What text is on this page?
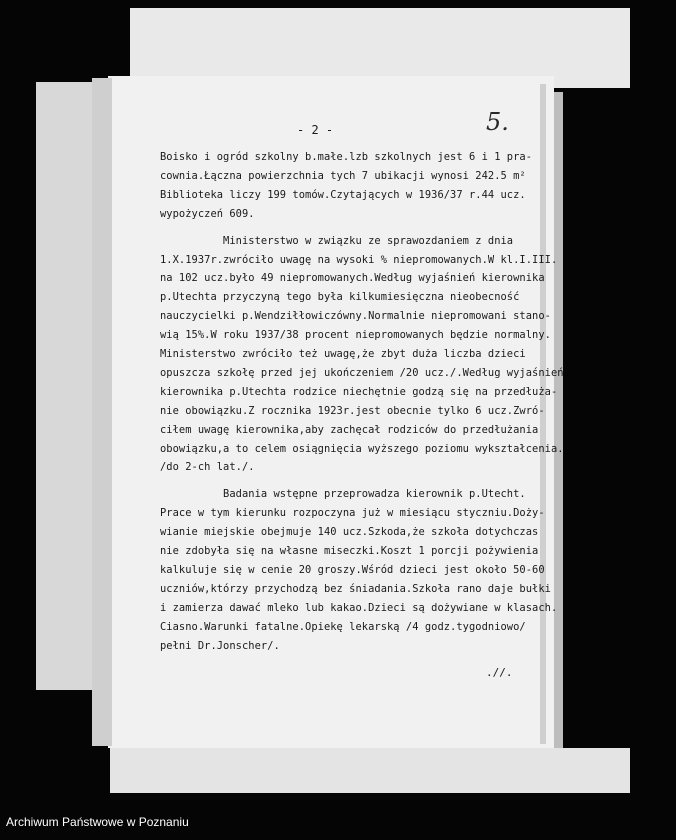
- 2 -	5.
Boisko i ogród szkolny b.małe.lzb szkolnych jest 6 i 1 pra-
cownia.Łączna powierzchnia tych 7 ubikacji wynosi 242.5 m²
Biblioteka liczy 199 tomów.Czytających w 1936/37 r.44 ucz.
wypożyczeń 609.
Ministerstwo w związku ze sprawozdaniem z dnia
1.X.1937r.zwróciło uwagę na wysoki % niepromowanych.W kl.I.III.
na 102 ucz.było 49 niepromowanych.Według wyjaśnień kierownika
p.Utechta przyczyną tego była kilkumiesięczna nieobecność
nauczycielki p.Wendziłłowiczówny.Normalnie niepromowani stano-
wią 15%.W roku 1937/38 procent niepromowanych będzie normalny.
Ministerstwo zwróciło też uwagę,że zbyt duża liczba dzieci
opuszcza szkołę przed jej ukończeniem /20 ucz./.Według wyjaśnień
kierownika p.Utechta rodzice niechętnie godzą się na przedłuża-
nie obowiązku.Z rocznika 1923r.jest obecnie tylko 6 ucz.Zwró-
ciłem uwagę kierownika,aby zachęcał rodziców do przedłużania
obowiązku,a to celem osiągnięcia wyższego poziomu wykształcenia.
/do 2-ch lat./.
Badania wstępne przeprowadza kierownik p.Utecht.
Prace w tym kierunku rozpoczyna już w miesiącu styczniu.Doży-
wianie miejskie obejmuje 140 ucz.Szkoda,że szkoła dotychczas
nie zdobyła się na własne miseczki.Koszt 1 porcji pożywienia
kalkuluje się w cenie 20 groszy.Wśród dzieci jest około 50-60
uczniów,którzy przychodzą bez śniadania.Szkoła rano daje bułki
i zamierza dawać mleko lub kakao.Dzieci są dożywiane w klasach.
Ciasno.Warunki fatalne.Opiekę lekarską /4 godz.tygodniowo/
pełni Dr.Jonscher/.
.//.
Archiwum Państwowe w Poznaniu
